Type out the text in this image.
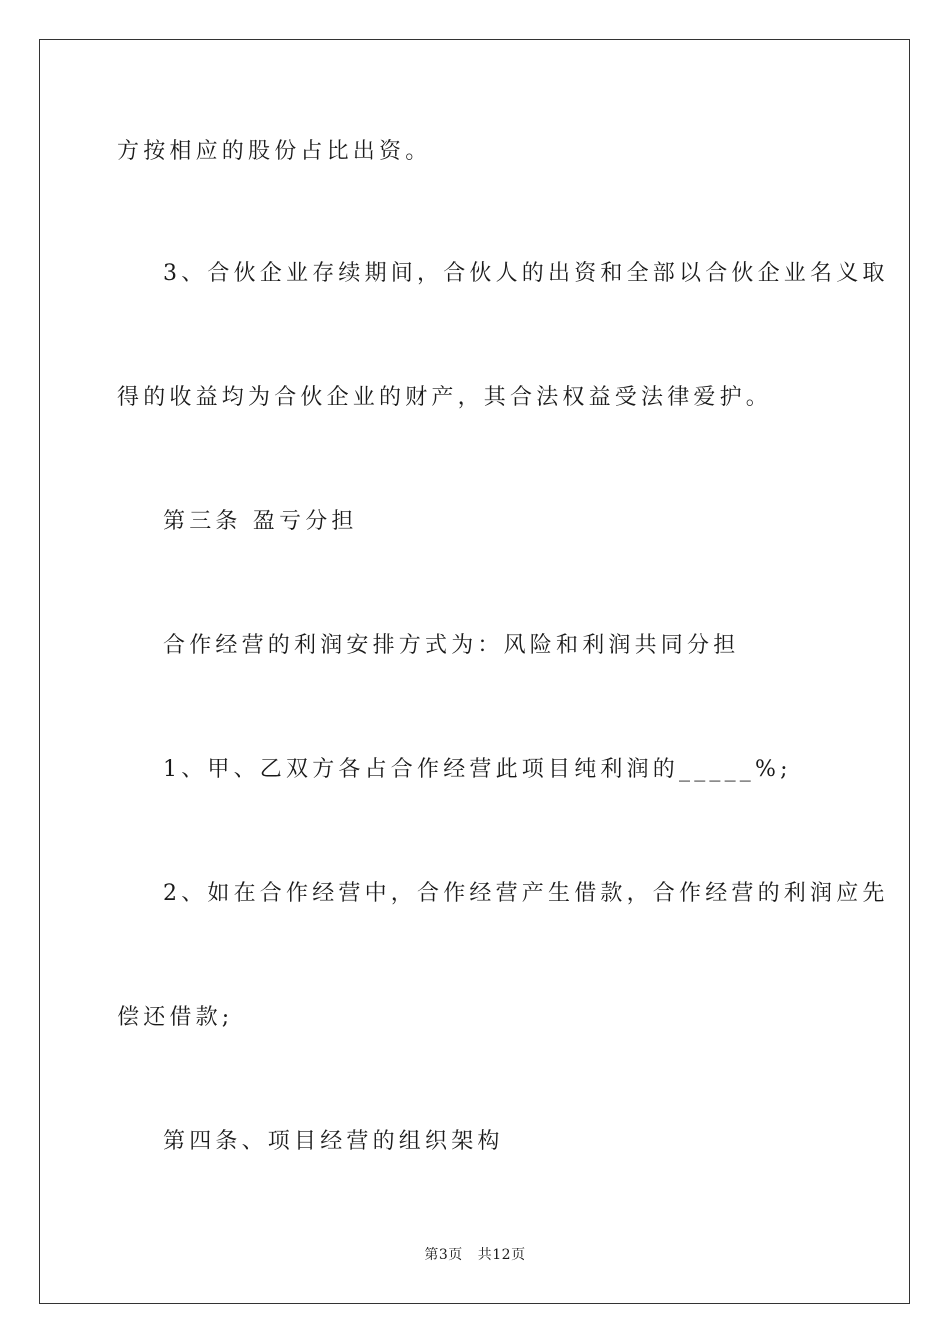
方按相应的股份占比出资。
3、合伙企业存续期间，合伙人的出资和全部以合伙企业名义取
得的收益均为合伙企业的财产，其合法权益受法律爱护。
第三条 盈亏分担
合作经营的利润安排方式为：风险和利润共同分担
1、甲、乙双方各占合作经营此项目纯利润的_____%;
2、如在合作经营中，合作经营产生借款，合作经营的利润应先
偿还借款;
第四条、项目经营的组织架构
第3页 共12页
